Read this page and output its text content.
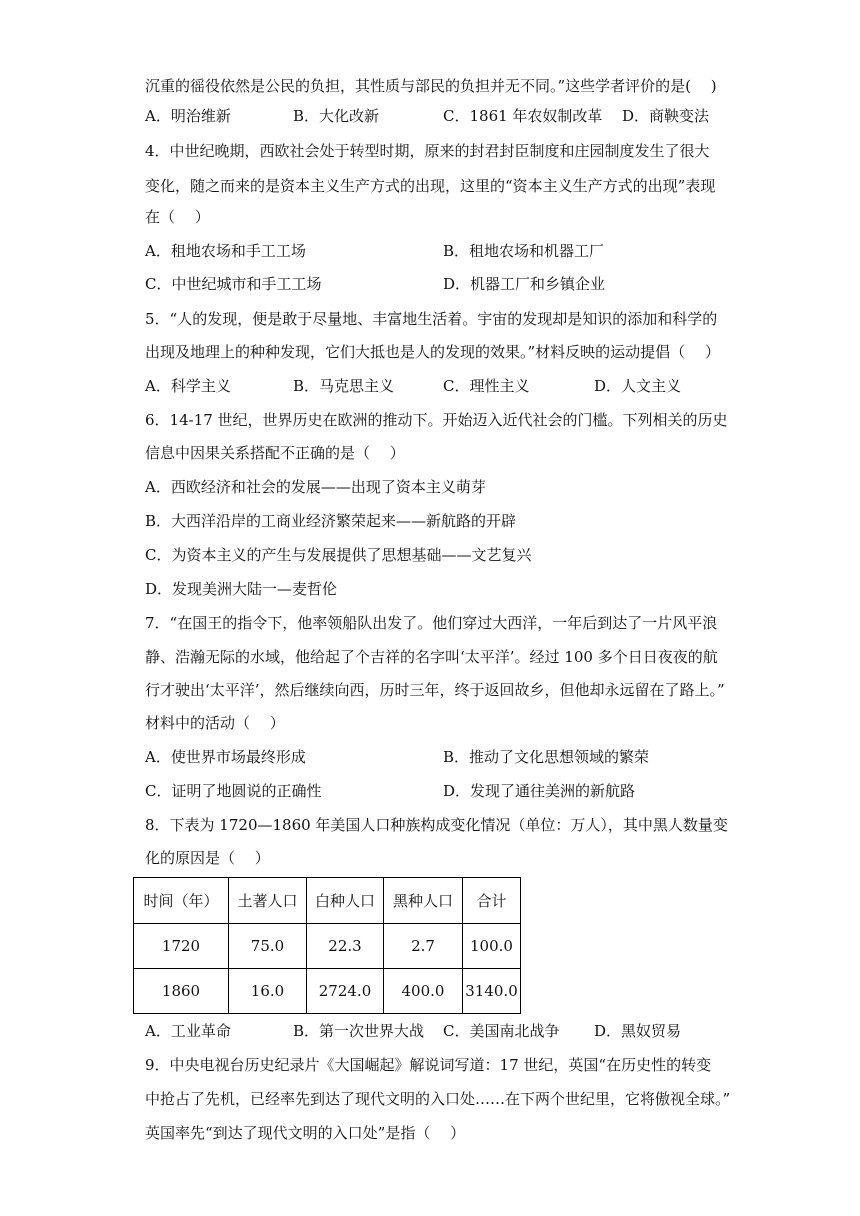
沉重的徭役依然是公民的负担，其性质与部民的负担并无不同。”这些学者评价的是(　 )
A．明治维新	B．大化改新	C．1861 年农奴制改革 D．商鞅变法
4．中世纪晚期，西欧社会处于转型时期，原来的封君封臣制度和庄园制度发生了很大
变化，随之而来的是资本主义生产方式的出现，这里的“资本主义生产方式的出现”表现
在（　 ）
A．租地农场和手工工场	B．租地农场和机器工厂
C．中世纪城市和手工工场	D．机器工厂和乡镇企业
5．“人的发现，便是敢于尽量地、丰富地生活着。宇宙的发现却是知识的添加和科学的
出现及地理上的种种发现，它们大抵也是人的发现的效果。”材料反映的运动提倡（　 ）
A．科学主义	B．马克思主义	C．理性主义	D．人文主义
6．14-17 世纪，世界历史在欧洲的推动下。开始迈入近代社会的门槛。下列相关的历史
信息中因果关系搭配不正确的是（　 ）
A．西欧经济和社会的发展——出现了资本主义萌芽
B．大西洋沿岸的工商业经济繁荣起来——新航路的开辟
C．为资本主义的产生与发展提供了思想基础——文艺复兴
D．发现美洲大陆一—麦哲伦
7．“在国王的指令下，他率领船队出发了。他们穿过大西洋，一年后到达了一片风平浪
静、浩瀚无际的水域，他给起了个吉祥的名字叫‘太平洋’。经过 100 多个日日夜夜的航
行才驶出‘太平洋’，然后继续向西，历时三年，终于返回故乡，但他却永远留在了路上。”
材料中的活动（　 ）
A．使世界市场最终形成	B．推动了文化思想领域的繁荣
C．证明了地圆说的正确性	D．发现了通往美洲的新航路
8．下表为 1720—1860 年美国人口种族构成变化情况（单位：万人），其中黑人数量变
化的原因是（　 ）
时间（年）	土著人口	白种人口	黑种人口	合计
1720	75.0	22.3	2.7	100.0
1860	16.0	2724.0	400.0	3140.0
A．工业革命	B．第一次世界大战 C．美国南北战争 D．黑奴贸易
9．中央电视台历史纪录片《大国崛起》解说词写道：17 世纪，英国“在历史性的转变
中抢占了先机，已经率先到达了现代文明的入口处……在下两个世纪里，它将傲视全球。”
英国率先“到达了现代文明的入口处”是指（　 ）
